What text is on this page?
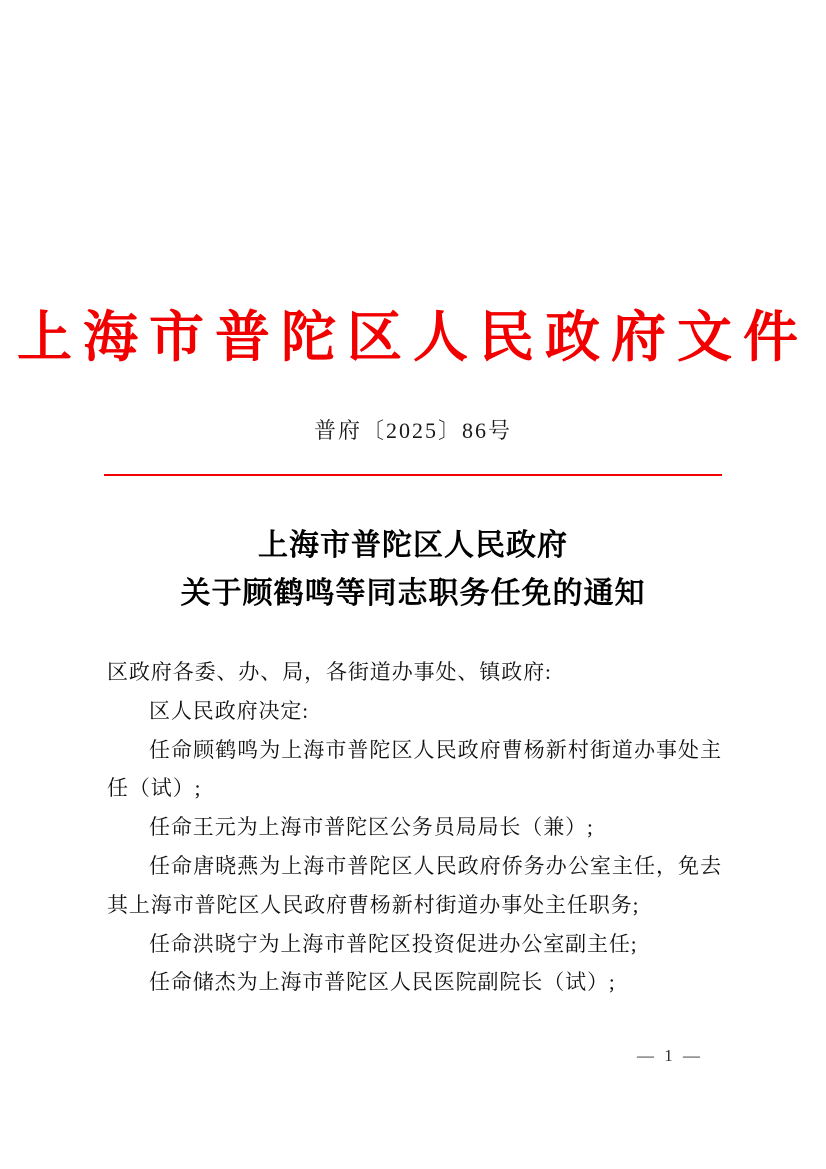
上海市普陀区人民政府文件
普府〔2025〕86号
上海市普陀区人民政府
关于顾鹤鸣等同志职务任免的通知

区政府各委、办、局，各街道办事处、镇政府:

区人民政府决定:

任命顾鹤鸣为上海市普陀区人民政府曹杨新村街道办事处主任（试）;

任命王元为上海市普陀区公务员局局长（兼）;

任命唐晓燕为上海市普陀区人民政府侨务办公室主任，免去其上海市普陀区人民政府曹杨新村街道办事处主任职务;

任命洪晓宁为上海市普陀区投资促进办公室副主任;

任命储杰为上海市普陀区人民医院副院长（试）;

— 1 —
